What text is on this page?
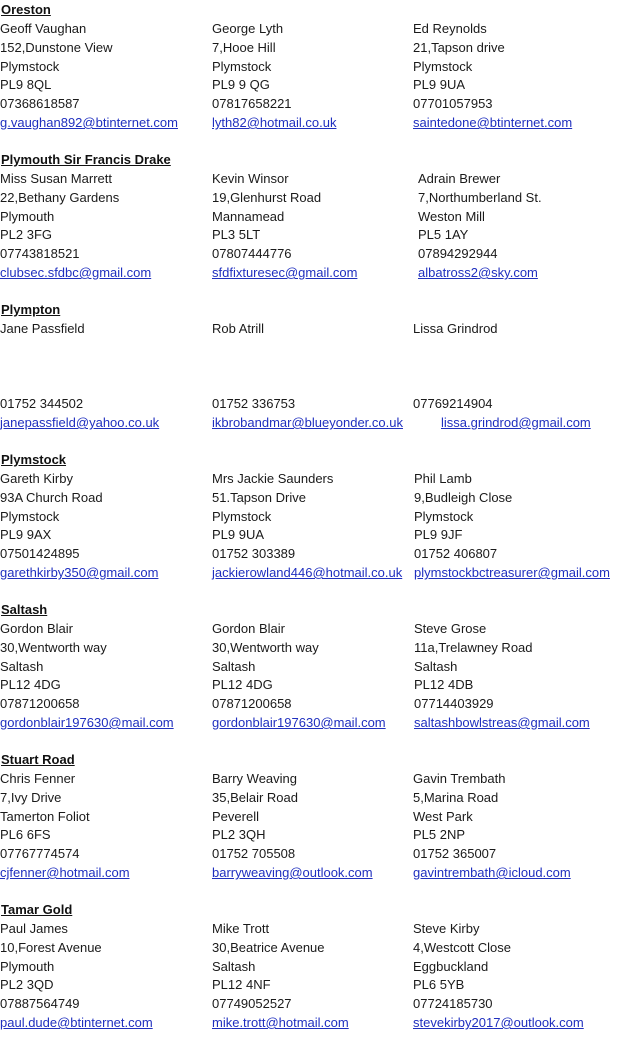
Oreston
Geoff Vaughan
152,Dunstone View
Plymstock
PL9 8QL
07368618587
g.vaughan892@btinternet.com
George Lyth
7,Hooe Hill
Plymstock
PL9 9 QG
07817658221
lyth82@hotmail.co.uk
Ed Reynolds
21,Tapson drive
Plymstock
PL9 9UA
07701057953
saintedone@btinternet.com
Plymouth Sir Francis Drake
Miss Susan Marrett
22,Bethany Gardens
Plymouth
PL2 3FG
07743818521
clubsec.sfdbc@gmail.com
Kevin Winsor
19,Glenhurst Road
Mannamead
PL3 5LT
07807444776
sfdfixturesec@gmail.com
Adrain Brewer
7,Northumberland St.
Weston Mill
PL5 1AY
07894292944
albatross2@sky.com
Plympton
Jane Passfield
01752 344502
janepassfield@yahoo.co.uk
Rob Atrill
01752 336753
ikbrobandmar@blueyonder.co.uk
Lissa Grindrod
07769214904
lissa.grindrod@gmail.com
Plymstock
Gareth Kirby
93A Church Road
Plymstock
PL9 9AX
07501424895
garethkirby350@gmail.com
Mrs Jackie Saunders
51.Tapson Drive
Plymstock
PL9 9UA
01752 303389
jackierowland446@hotmail.co.uk
Phil Lamb
9,Budleigh Close
Plymstock
PL9 9JF
01752 406807
plymstockbctreasurer@gmail.com
Saltash
Gordon Blair
30,Wentworth way
Saltash
PL12 4DG
07871200658
gordonblair197630@mail.com
Gordon Blair
30,Wentworth way
Saltash
PL12 4DG
07871200658
gordonblair197630@mail.com
Steve Grose
11a,Trelawney Road
Saltash
PL12 4DB
07714403929
saltashbowlstreas@gmail.com
Stuart Road
Chris Fenner
7,Ivy Drive
Tamerton Foliot
PL6 6FS
07767774574
cjfenner@hotmail.com
Barry Weaving
35,Belair Road
Peverell
PL2 3QH
01752 705508
barryweaving@outlook.com
Gavin Trembath
5,Marina Road
West Park
PL5 2NP
01752 365007
gavintrembath@icloud.com
Tamar Gold
Paul James
10,Forest Avenue
Plymouth
PL2 3QD
07887564749
paul.dude@btinternet.com
Mike Trott
30,Beatrice Avenue
Saltash
PL12 4NF
07749052527
mike.trott@hotmail.com
Steve Kirby
4,Westcott Close
Eggbuckland
PL6 5YB
07724185730
stevekirby2017@outlook.com
